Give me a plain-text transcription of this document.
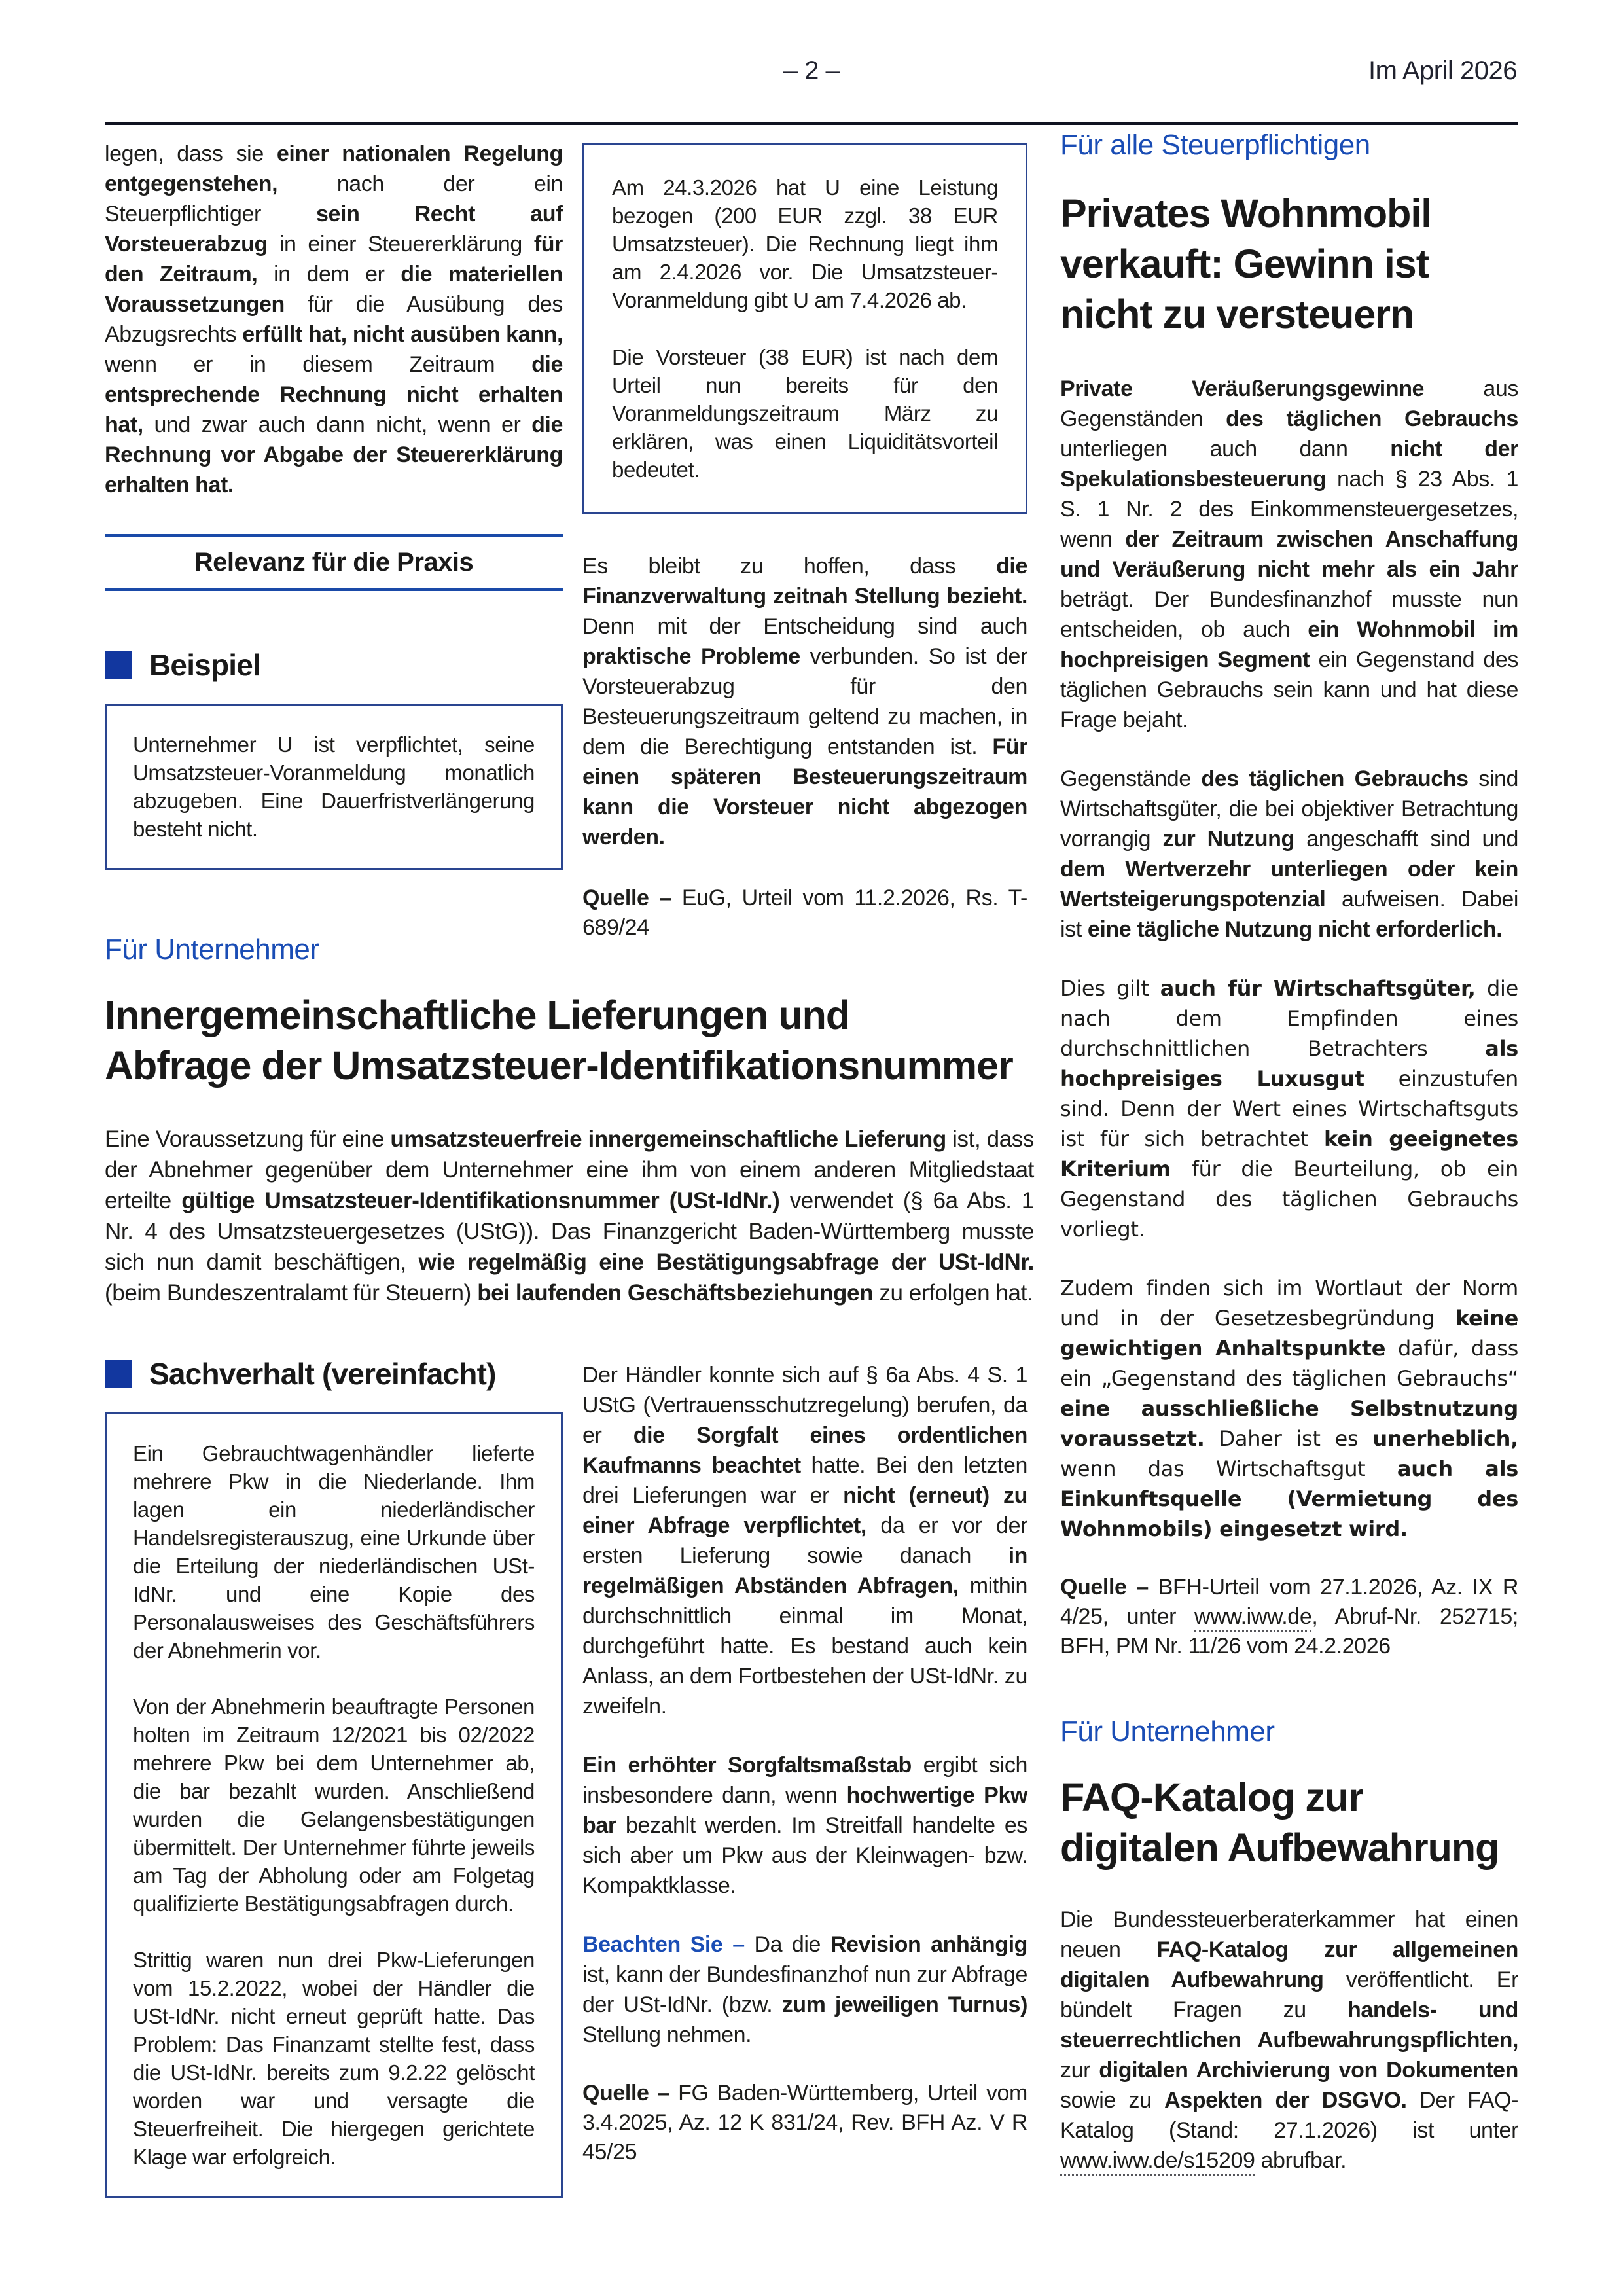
– 2 –	Im April 2026

legen, dass sie einer nationalen Regelung entgegenstehen, nach der ein Steuerpflichtiger sein Recht auf Vorsteuerabzug in einer Steuererklärung für den Zeitraum, in dem er die materiellen Voraussetzungen für die Ausübung des Abzugsrechts erfüllt hat, nicht ausüben kann, wenn er in diesem Zeitraum die entsprechende Rechnung nicht erhalten hat, und zwar auch dann nicht, wenn er die Rechnung vor Abgabe der Steuererklärung erhalten hat.

Relevanz für die Praxis
Beispiel

Unternehmer U ist verpflichtet, seine Umsatzsteuer-Voranmeldung monatlich abzugeben. Eine Dauerfristverlängerung besteht nicht.

Am 24.3.2026 hat U eine Leistung bezogen (200 EUR zzgl. 38 EUR Umsatzsteuer). Die Rechnung liegt ihm am 2.4.2026 vor. Die Umsatzsteuer-Voranmeldung gibt U am 7.4.2026 ab.

Die Vorsteuer (38 EUR) ist nach dem Urteil nun bereits für den Voranmeldungszeitraum März zu erklären, was einen Liquiditätsvorteil bedeutet.

Es bleibt zu hoffen, dass die Finanzverwaltung zeitnah Stellung bezieht. Denn mit der Entscheidung sind auch praktische Probleme verbunden. So ist der Vorsteuerabzug für den Besteuerungszeitraum geltend zu machen, in dem die Berechtigung entstanden ist. Für einen späteren Besteuerungszeitraum kann die Vorsteuer nicht abgezogen werden.

Quelle – EuG, Urteil vom 11.2.2026, Rs. T-689/24

Für alle Steuerpflichtigen
Privates Wohnmobil
verkauft: Gewinn ist
nicht zu versteuern

Private Veräußerungsgewinne aus Gegenständen des täglichen Gebrauchs unterliegen auch dann nicht der Spekulationsbesteuerung nach § 23 Abs. 1 S. 1 Nr. 2 des Einkommensteuergesetzes, wenn der Zeitraum zwischen Anschaffung und Veräußerung nicht mehr als ein Jahr beträgt. Der Bundesfinanzhof musste nun entscheiden, ob auch ein Wohnmobil im hochpreisigen Segment ein Gegenstand des täglichen Gebrauchs sein kann und hat diese Frage bejaht.

Gegenstände des täglichen Gebrauchs sind Wirtschaftsgüter, die bei objektiver Betrachtung vorrangig zur Nutzung angeschafft sind und dem Wertverzehr unterliegen oder kein Wertsteigerungspotenzial aufweisen. Dabei ist eine tägliche Nutzung nicht erforderlich.

Dies gilt auch für Wirtschaftsgüter, die nach dem Empfinden eines durchschnittlichen Betrachters als hochpreisiges Luxusgut einzustufen sind. Denn der Wert eines Wirtschaftsguts ist für sich betrachtet kein geeignetes Kriterium für die Beurteilung, ob ein Gegenstand des täglichen Gebrauchs vorliegt.

Zudem finden sich im Wortlaut der Norm und in der Gesetzesbegründung keine gewichtigen Anhaltspunkte dafür, dass ein „Gegenstand des täglichen Gebrauchs“ eine ausschließliche Selbstnutzung voraussetzt. Daher ist es unerheblich, wenn das Wirtschaftsgut auch als Einkunftsquelle (Vermietung des Wohnmobils) eingesetzt wird.

Quelle – BFH-Urteil vom 27.1.2026, Az. IX R 4/25, unter www.iww.de, Abruf-Nr. 252715; BFH, PM Nr. 11/26 vom 24.2.2026

Für Unternehmer
FAQ-Katalog zur
digitalen Aufbewahrung

Die Bundessteuerberaterkammer hat einen neuen FAQ-Katalog zur allgemeinen digitalen Aufbewahrung veröffentlicht. Er bündelt Fragen zu handels- und steuerrechtlichen Aufbewahrungspflichten, zur digitalen Archivierung von Dokumenten sowie zu Aspekten der DSGVO. Der FAQ-Katalog (Stand: 27.1.2026) ist unter www.iww.de/s15209 abrufbar.

Für Unternehmer
Innergemeinschaftliche Lieferungen und
Abfrage der Umsatzsteuer-Identifikationsnummer

Eine Voraussetzung für eine umsatzsteuerfreie innergemeinschaftliche Lieferung ist, dass der Abnehmer gegenüber dem Unternehmer eine ihm von einem anderen Mitgliedstaat erteilte gültige Umsatzsteuer-Identifikationsnummer (USt-IdNr.) verwendet (§ 6a Abs. 1 Nr. 4 des Umsatzsteuergesetzes (UStG)). Das Finanzgericht Baden-Württemberg musste sich nun damit beschäftigen, wie regelmäßig eine Bestätigungsabfrage der USt-IdNr. (beim Bundeszentralamt für Steuern) bei laufenden Geschäftsbeziehungen zu erfolgen hat.

Sachverhalt (vereinfacht)

Ein Gebrauchtwagenhändler lieferte mehrere Pkw in die Niederlande. Ihm lagen ein niederländischer Handelsregisterauszug, eine Urkunde über die Erteilung der niederländischen USt-IdNr. und eine Kopie des Personalausweises des Geschäftsführers der Abnehmerin vor.

Von der Abnehmerin beauftragte Personen holten im Zeitraum 12/2021 bis 02/2022 mehrere Pkw bei dem Unternehmer ab, die bar bezahlt wurden. Anschließend wurden die Gelangensbestätigungen übermittelt. Der Unternehmer führte jeweils am Tag der Abholung oder am Folgetag qualifizierte Bestätigungsabfragen durch.

Strittig waren nun drei Pkw-Lieferungen vom 15.2.2022, wobei der Händler die USt-IdNr. nicht erneut geprüft hatte. Das Problem: Das Finanzamt stellte fest, dass die USt-IdNr. bereits zum 9.2.22 gelöscht worden war und versagte die Steuerfreiheit. Die hiergegen gerichtete Klage war erfolgreich.

Der Händler konnte sich auf § 6a Abs. 4 S. 1 UStG (Vertrauensschutzregelung) berufen, da er die Sorgfalt eines ordentlichen Kaufmanns beachtet hatte. Bei den letzten drei Lieferungen war er nicht (erneut) zu einer Abfrage verpflichtet, da er vor der ersten Lieferung sowie danach in regelmäßigen Abständen Abfragen, mithin durchschnittlich einmal im Monat, durchgeführt hatte. Es bestand auch kein Anlass, an dem Fortbestehen der USt-IdNr. zu zweifeln.

Ein erhöhter Sorgfaltsmaßstab ergibt sich insbesondere dann, wenn hochwertige Pkw bar bezahlt werden. Im Streitfall handelte es sich aber um Pkw aus der Kleinwagen- bzw. Kompaktklasse.

Beachten Sie – Da die Revision anhängig ist, kann der Bundesfinanzhof nun zur Abfrage der USt-IdNr. (bzw. zum jeweiligen Turnus) Stellung nehmen.

Quelle – FG Baden-Württemberg, Urteil vom 3.4.2025, Az. 12 K 831/24, Rev. BFH Az. V R 45/25
